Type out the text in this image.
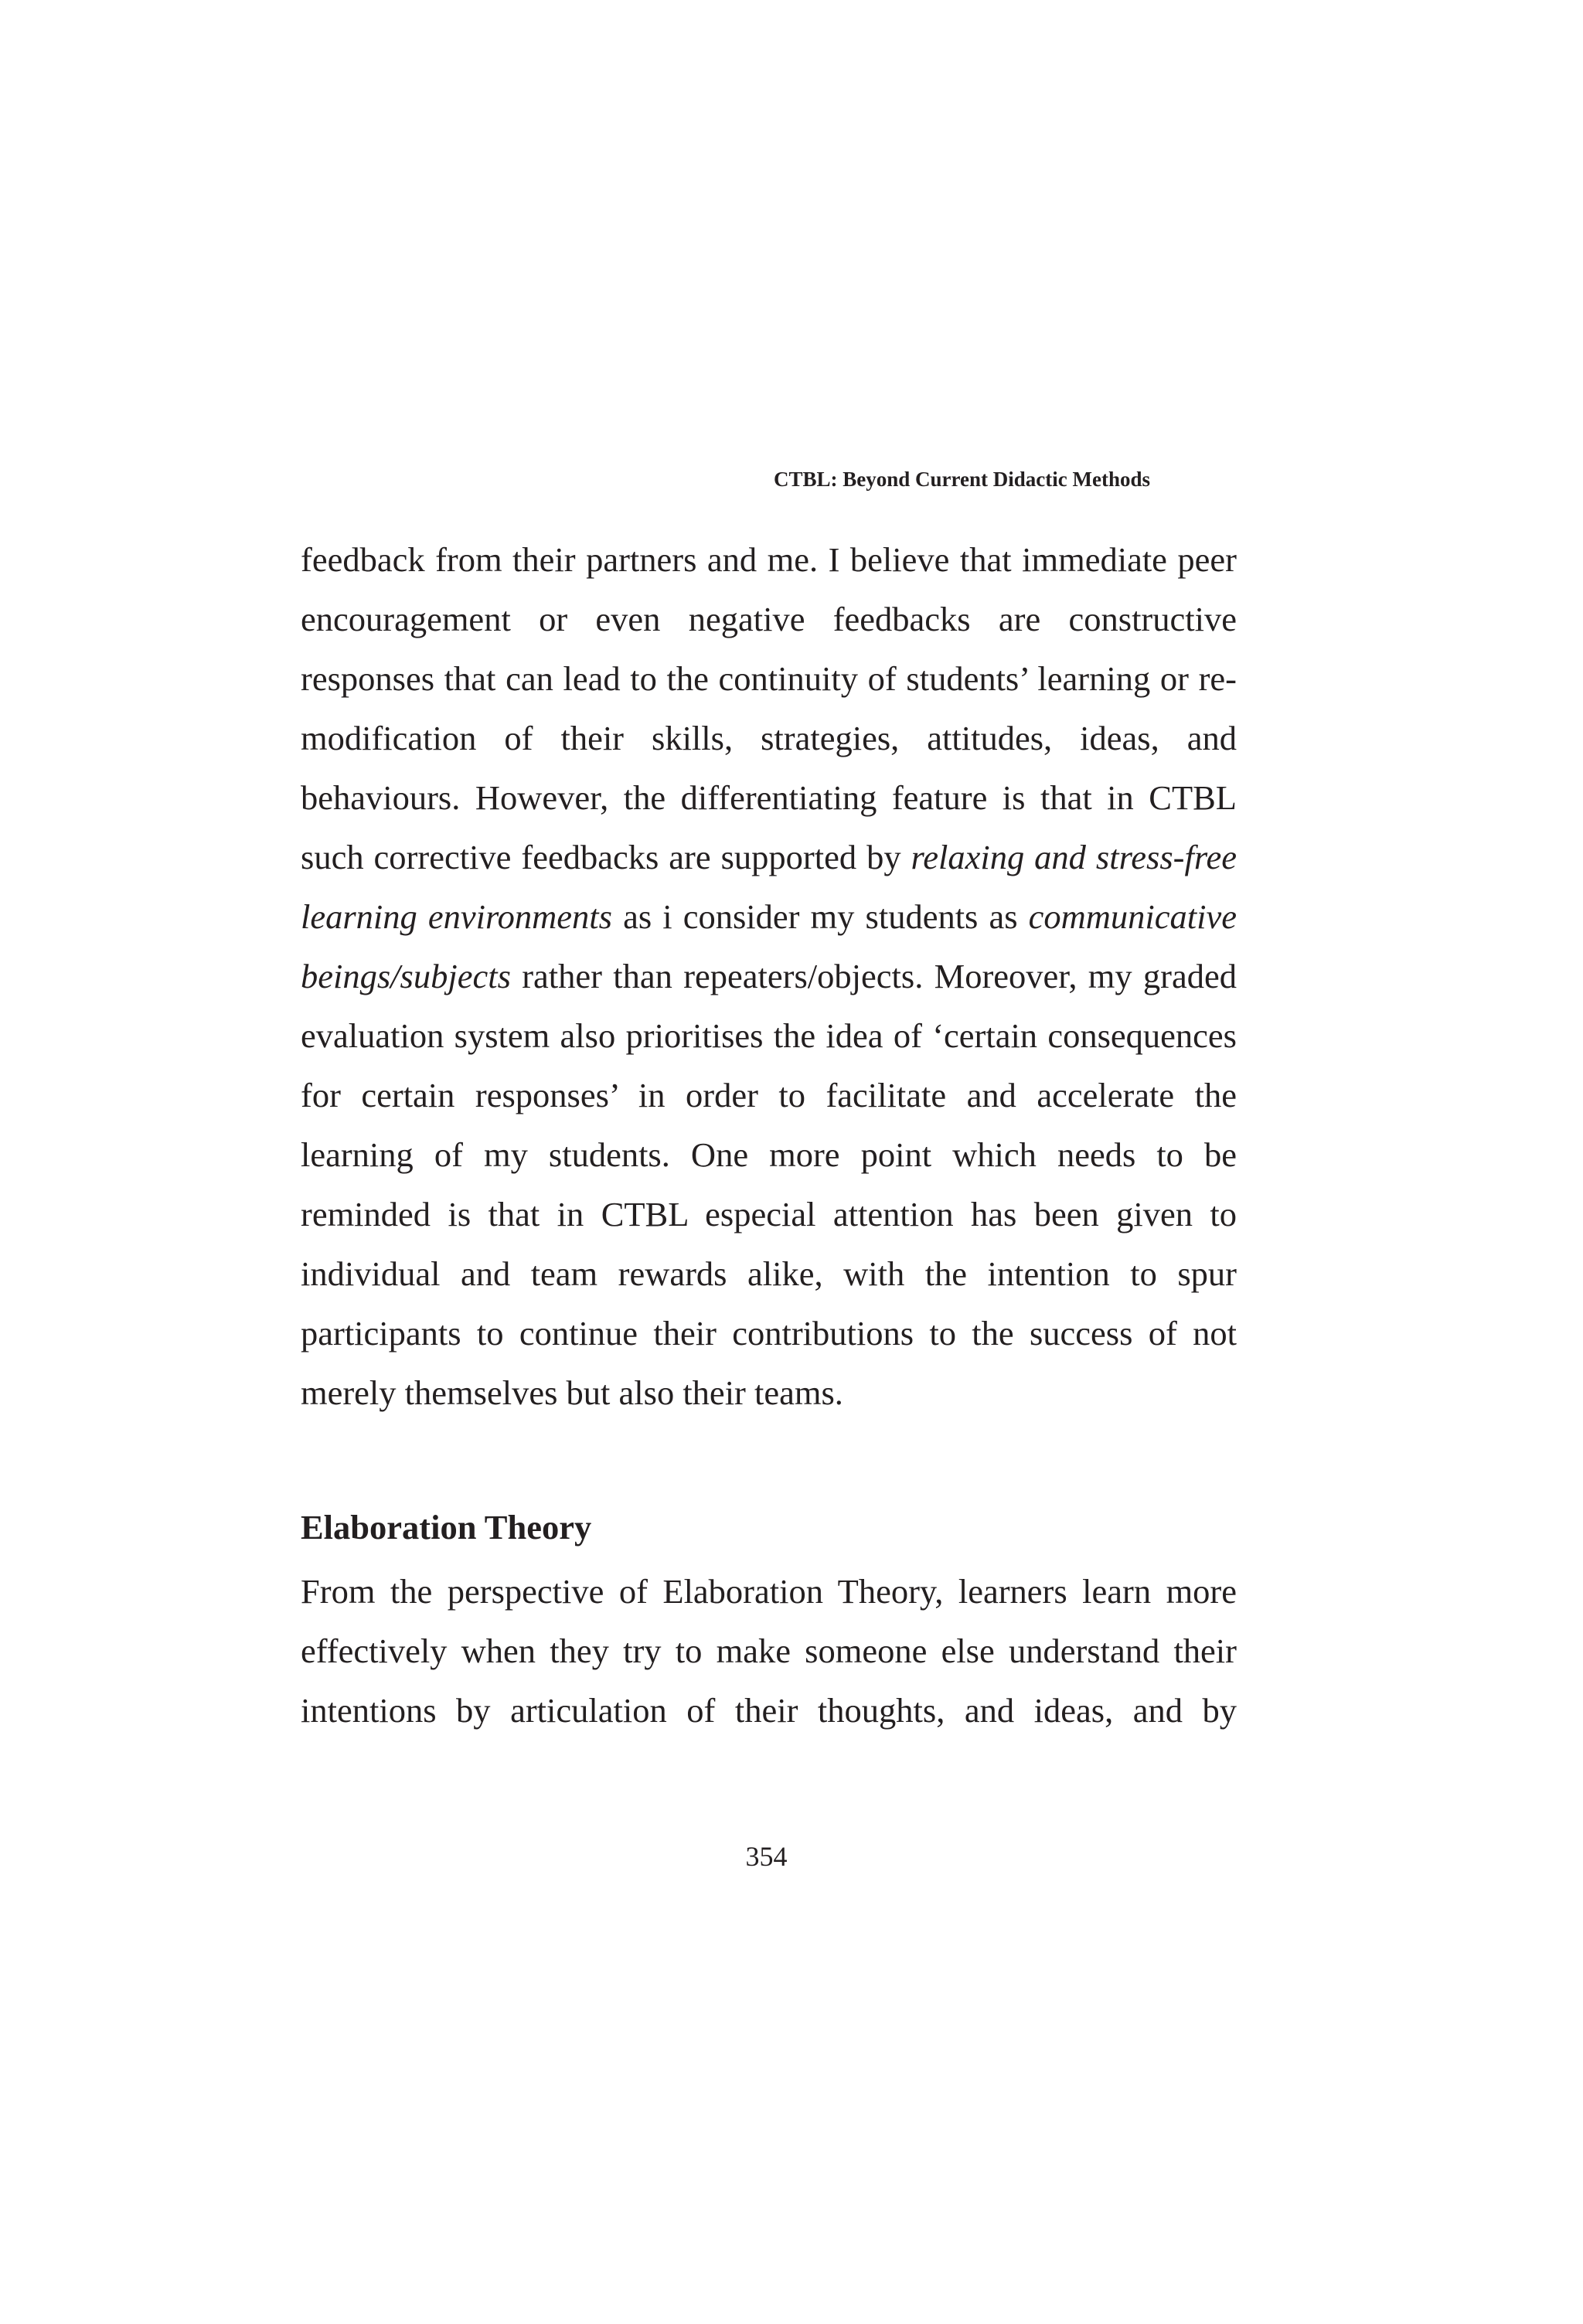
CTBL: Beyond Current Didactic Methods
feedback from their partners and me. I believe that immediate peer
encouragement or even negative feedbacks are constructive
responses that can lead to the continuity of students’ learning or re-
modification of their skills, strategies, attitudes, ideas, and
behaviours. However, the differentiating feature is that in CTBL
such corrective feedbacks are supported by relaxing and stress-free
learning environments as i consider my students as communicative
beings/subjects rather than repeaters/objects. Moreover, my graded
evaluation system also prioritises the idea of ‘certain consequences
for certain responses’ in order to facilitate and accelerate the
learning of my students. One more point which needs to be
reminded is that in CTBL especial attention has been given to
individual and team rewards alike, with the intention to spur
participants to continue their contributions to the success of not
merely themselves but also their teams.
Elaboration Theory
From the perspective of Elaboration Theory, learners learn more
effectively when they try to make someone else understand their
intentions by articulation of their thoughts, and ideas, and by
354
